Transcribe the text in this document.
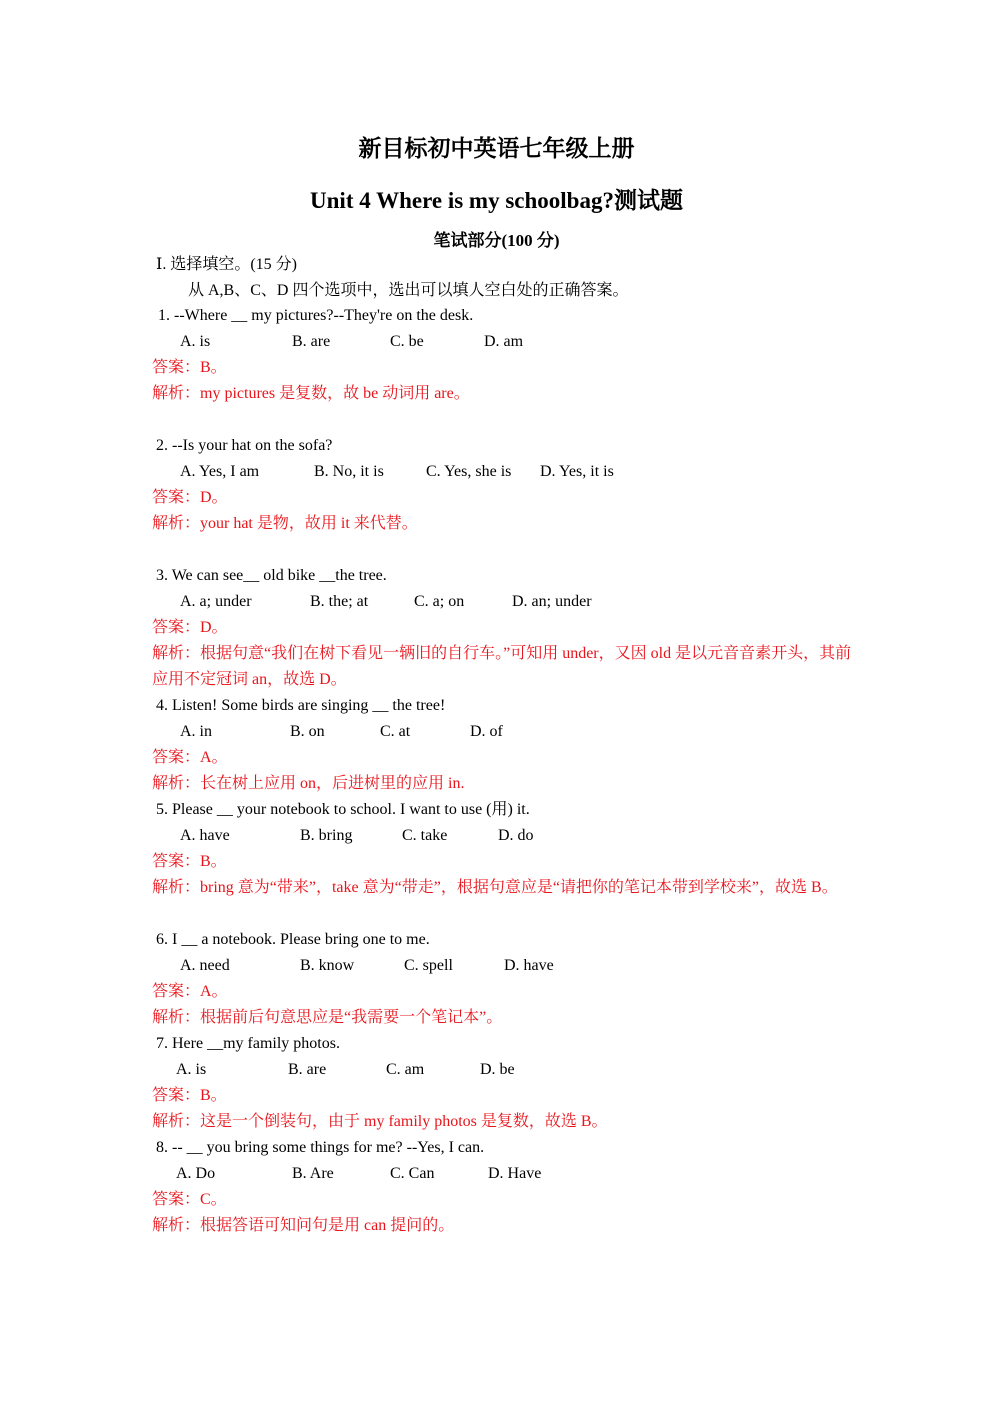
新目标初中英语七年级上册
Unit 4 Where is my schoolbag?测试题
笔试部分(100 分)
Ⅰ. 选择填空。(15 分)
从 A,B、C、D 四个选项中，选出可以填人空白处的正确答案。
1. --Where __ my pictures?--They're on the desk.
A. is	B. are	C. be	D. am
答案：B。
解析：my pictures 是复数，故 be 动词用 are。
2. --Is your hat on the sofa?
A. Yes, I am	B. No, it is	C. Yes, she is D. Yes, it is
答案：D。
解析：your hat 是物，故用 it 来代替。
3. We can see__ old bike __the tree.
A. a; under	B. the; at	C. a; on	D. an; under
答案：D。
解析：根据句意“我们在树下看见一辆旧的自行车。”可知用 under，又因 old 是以元音音素开头，其前应用不定冠词 an，故选 D。
4. Listen! Some birds are singing __ the tree!
A. in	B. on	C. at	D. of
答案：A。
解析：长在树上应用 on，后进树里的应用 in.
5. Please __ your notebook to school. I want to use (用) it.
A. have	B. bring	C. take	D. do
答案：B。
解析：bring 意为“带来”，take 意为“带走”，根据句意应是“请把你的笔记本带到学校来”，故选 B。
6. I __ a notebook. Please bring one to me.
A. need	B. know	C. spell	D. have
答案：A。
解析：根据前后句意思应是“我需要一个笔记本”。
7. Here __my family photos.
A. is	B. are	C. am	D. be
答案：B。
解析：这是一个倒装句，由于 my family photos 是复数，故选 B。
8. -- __ you bring some things for me? --Yes, I can.
A. Do	B. Are	C. Can	D. Have
答案：C。
解析：根据答语可知问句是用 can 提问的。
